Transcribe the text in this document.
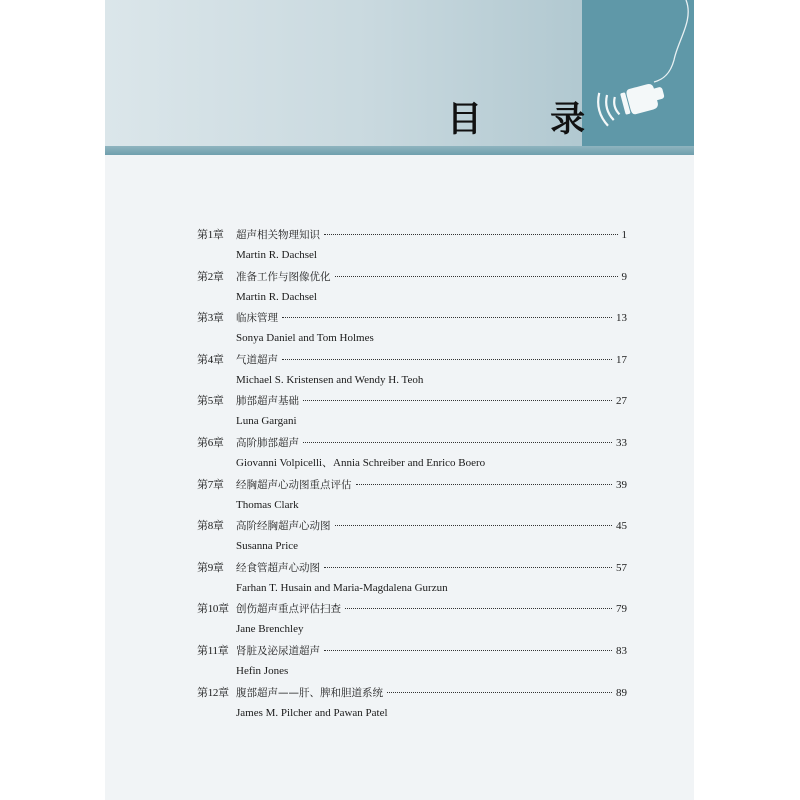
目 录
第1章	超声相关物理知识	1
Martin R. Dachsel
第2章	准备工作与图像优化	9
Martin R. Dachsel
第3章	临床管理	13
Sonya Daniel and Tom Holmes
第4章	气道超声	17
Michael S. Kristensen and Wendy H. Teoh
第5章	肺部超声基础	27
Luna Gargani
第6章	高阶肺部超声	33
Giovanni Volpicelli、Annia Schreiber and Enrico Boero
第7章	经胸超声心动图重点评估	39
Thomas Clark
第8章	高阶经胸超声心动图	45
Susanna Price
第9章	经食管超声心动图	57
Farhan T. Husain and Maria-Magdalena Gurzun
第10章 创伤超声重点评估扫查	79
Jane Brenchley
第11章 肾脏及泌尿道超声	83
Hefin Jones
第12章 腹部超声——肝、脾和胆道系统	89
James M. Pilcher and Pawan Patel
